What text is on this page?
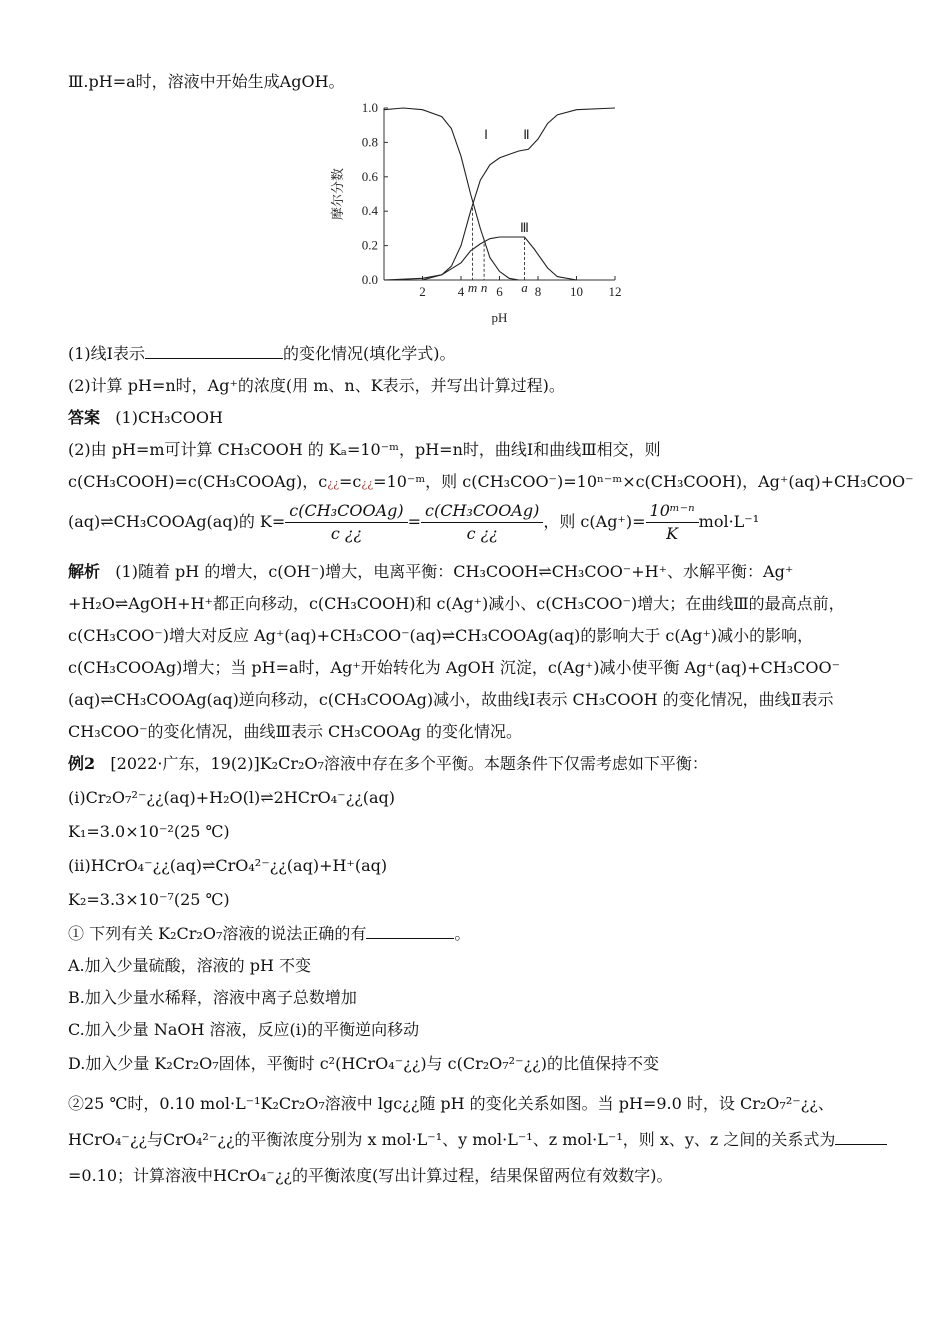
Ⅲ.pH=a时，溶液中开始生成AgOH。
2 4 6 8 10 12
0.0
0.2
0.4
0.6
0.8
1.0
pH
摩尔分数
Ⅰ	Ⅱ
Ⅲ
m n	a
(1)线Ⅰ表示	的变化情况(填化学式)。
(2)计算 pH=n时，Ag⁺的浓度(用 m、n、K表示，并写出计算过程)。
答案 (1)CH₃COOH
(2)由 pH=m可计算 CH₃COOH 的 Kₐ=10⁻ᵐ，pH=n时，曲线Ⅰ和曲线Ⅲ相交，则
c(CH₃COOH)=c(CH₃COOAg)，c¿¿=c¿¿=10⁻ᵐ，则 c(CH₃COO⁻)=10ⁿ⁻ᵐ×c(CH₃COOH)，Ag⁺(aq)+CH₃COO⁻
(aq)⇌CH₃COOAg(aq)的 $K= \frac{\text{c(CH₃COOAg)}}{c ¿¿} = \frac{\text{c(CH₃COOAg)}}{c ¿¿}$ ，则 $c(Ag^+)= \frac{\text{10ᵐ⁻ⁿ}}{K} mol\cdot L^{-1}$
解析 (1)随着 pH 的增大，c(OH⁻)增大，电离平衡：CH₃COOH⇌CH₃COO⁻+H⁺、水解平衡：Ag⁺
+H₂O⇌AgOH+H⁺都正向移动，c(CH₃COOH)和 c(Ag⁺)减小、c(CH₃COO⁻)增大；在曲线Ⅲ的最高点前，
c(CH₃COO⁻)增大对反应 Ag⁺(aq)+CH₃COO⁻(aq)⇌CH₃COOAg(aq)的影响大于 c(Ag⁺)减小的影响，
c(CH₃COOAg)增大；当 pH=a时，Ag⁺开始转化为 AgOH 沉淀，c(Ag⁺)减小使平衡 Ag⁺(aq)+CH₃COO⁻
(aq)⇌CH₃COOAg(aq)逆向移动，c(CH₃COOAg)减小，故曲线Ⅰ表示 CH₃COOH 的变化情况，曲线Ⅱ表示
CH₃COO⁻的变化情况，曲线Ⅲ表示 CH₃COOAg 的变化情况。
例2 [2022·广东，19(2)]K₂Cr₂O₇溶液中存在多个平衡。本题条件下仅需考虑如下平衡：
(ⅰ)Cr₂O₇²⁻¿¿(aq)+H₂O(l)⇌2HCrO₄⁻¿¿(aq)
K₁=3.0×10⁻²(25 ℃)
(ⅱ)HCrO₄⁻¿¿(aq)⇌CrO₄²⁻¿¿(aq)+H⁺(aq)
K₂=3.3×10⁻⁷(25 ℃)
① 下列有关 K₂Cr₂O₇溶液的说法正确的有	。
A.加入少量硫酸，溶液的 pH 不变
B.加入少量水稀释，溶液中离子总数增加
C.加入少量 NaOH 溶液，反应(ⅰ)的平衡逆向移动
D.加入少量 K₂Cr₂O₇固体，平衡时 c²(HCrO₄⁻¿¿)与 c(Cr₂O₇²⁻¿¿)的比值保持不变
②25 ℃时，0.10 mol·L⁻¹K₂Cr₂O₇溶液中 lgc¿¿随 pH 的变化关系如图。当 pH=9.0 时，设 Cr₂O₇²⁻¿¿、
HCrO₄⁻¿¿与CrO₄²⁻¿¿的平衡浓度分别为 x mol·L⁻¹、y mol·L⁻¹、z mol·L⁻¹，则 x、y、z 之间的关系式为
=0.10；计算溶液中HCrO₄⁻¿¿的平衡浓度(写出计算过程，结果保留两位有效数字)。
